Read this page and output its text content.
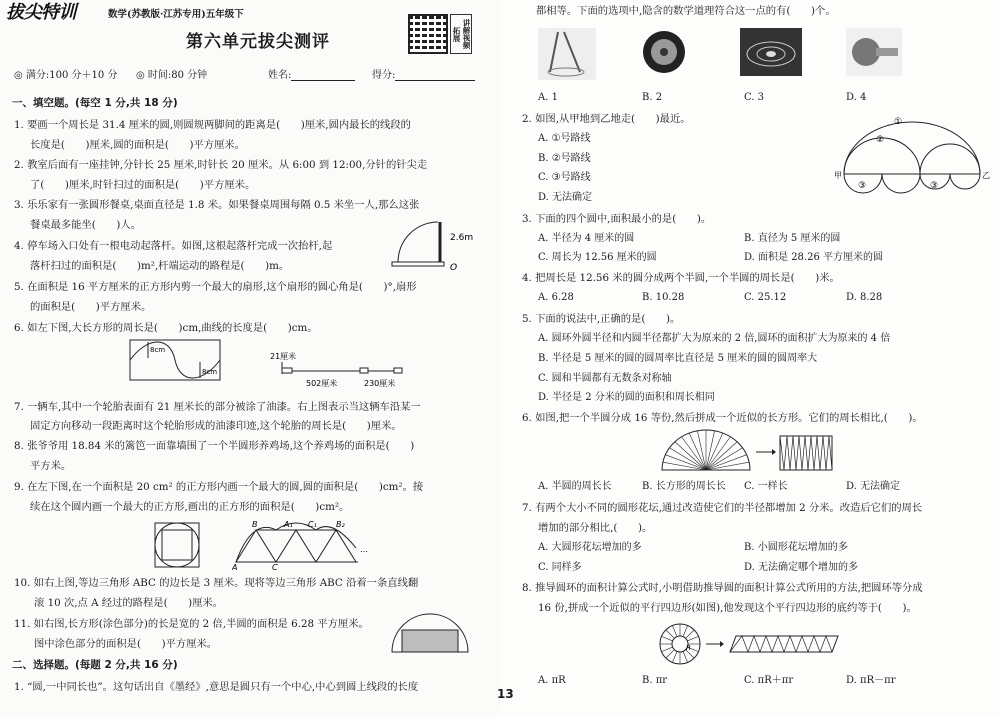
拔尖特训	数学(苏教版·江苏专用)五年级下
第六单元拔尖测评	讲解视频 拓展
◎ 满分:100 分＋10 分 ◎ 时间:80 分钟	姓名:	得分:
一、填空题。(每空 1 分,共 18 分)
1. 要画一个周长是 31.4 厘米的圆,则圆规两脚间的距离是(　　)厘米,圆内最长的线段的
长度是(　　)厘米,圆的面积是(　　)平方厘米。
2. 教室后面有一座挂钟,分针长 25 厘米,时针长 20 厘米。从 6:00 到 12:00,分针的针尖走
了(　　)厘米,时针扫过的面积是(　　)平方厘米。
3. 乐乐家有一张圆形餐桌,桌面直径是 1.8 米。如果餐桌周围每隔 0.5 米坐一人,那么这张
餐桌最多能坐(　　)人。
4. 停车场入口处有一根电动起落杆。如图,这根起落杆完成一次抬杆,起
落杆扫过的面积是(　　)m²,杆端运动的路程是(　　)m。
2.6m
O
5. 在面积是 16 平方厘米的正方形内剪一个最大的扇形,这个扇形的圆心角是(　　)°,扇形
的面积是(　　)平方厘米。
6. 如左下图,大长方形的周长是(　　)cm,曲线的长度是(　　)cm。
8cm
8cm
21厘米
502厘米	230厘米
7. 一辆车,其中一个轮胎表面有 21 厘米长的部分被涂了油漆。右上图表示当这辆车沿某一
固定方向移动一段距离时这个轮胎形成的油漆印迹,这个轮胎的周长是(　　)厘米。
8. 张爷爷用 18.84 米的篱笆一面靠墙围了一个半圆形养鸡场,这个养鸡场的面积是(　　)
平方米。
9. 在左下图,在一个面积是 20 cm² 的正方形内画一个最大的圆,圆的面积是(　　)cm²。接
续在这个圆内画一个最大的正方形,画出的正方形的面积是(　　)cm²。
B	A₁ C₁ B₂
A	C
…
10. 如右上图,等边三角形 ABC 的边长是 3 厘米。现将等边三角形 ABC 沿着一条直线翻
滚 10 次,点 A 经过的路程是(　　)厘米。
11. 如右图,长方形(涂色部分)的长是宽的 2 倍,半圆的面积是 6.28 平方厘米。
图中涂色部分的面积是(　　)平方厘米。
二、选择题。(每题 2 分,共 16 分)
1. “圆,一中同长也”。这句话出自《墨经》,意思是圆只有一个中心,中心到圆上线段的长度
都相等。下面的选项中,隐含的数学道理符合这一点的有(　　)个。
A. 1	B. 2	C. 3	D. 4
2. 如图,从甲地到乙地走(　　)最近。
A. ①号路线
B. ②号路线
C. ③号路线
D. 无法确定
甲	乙
①
②
③	③
3. 下面的四个圆中,面积最小的是(　　)。
A. 半径为 4 厘米的圆	B. 直径为 5 厘米的圆
C. 周长为 12.56 厘米的圆	D. 面积是 28.26 平方厘米的圆
4. 把周长是 12.56 米的圆分成两个半圆,一个半圆的周长是(　　)米。
A. 6.28	B. 10.28	C. 25.12	D. 8.28
5. 下面的说法中,正确的是(　　)。
A. 圆环外圆半径和内圆半径都扩大为原来的 2 倍,圆环的面积扩大为原来的 4 倍
B. 半径是 5 厘米的圆的圆周率比直径是 5 厘米的圆的圆周率大
C. 圆和半圆都有无数条对称轴
D. 半径是 2 分米的圆的面积和周长相同
6. 如图,把一个半圆分成 16 等份,然后拼成一个近似的长方形。它们的周长相比,(　　)。
A. 半圆的周长长	B. 长方形的周长长 C. 一样长	D. 无法确定
7. 有两个大小不同的圆形花坛,通过改造使它们的半径都增加 2 分米。改造后它们的周长
增加的部分相比,(　　)。
A. 大圆形花坛增加的多	B. 小圆形花坛增加的多
C. 同样多	D. 无法确定哪个增加的多
8. 推导圆环的面积计算公式时,小明借助推导圆的面积计算公式所用的方法,把圆环等分成
16 份,拼成一个近似的平行四边形(如图),他发现这个平行四边形的底约等于(　　)。
R
A. πR	B. πr	C. πR＋πr	D. πR－πr
13
